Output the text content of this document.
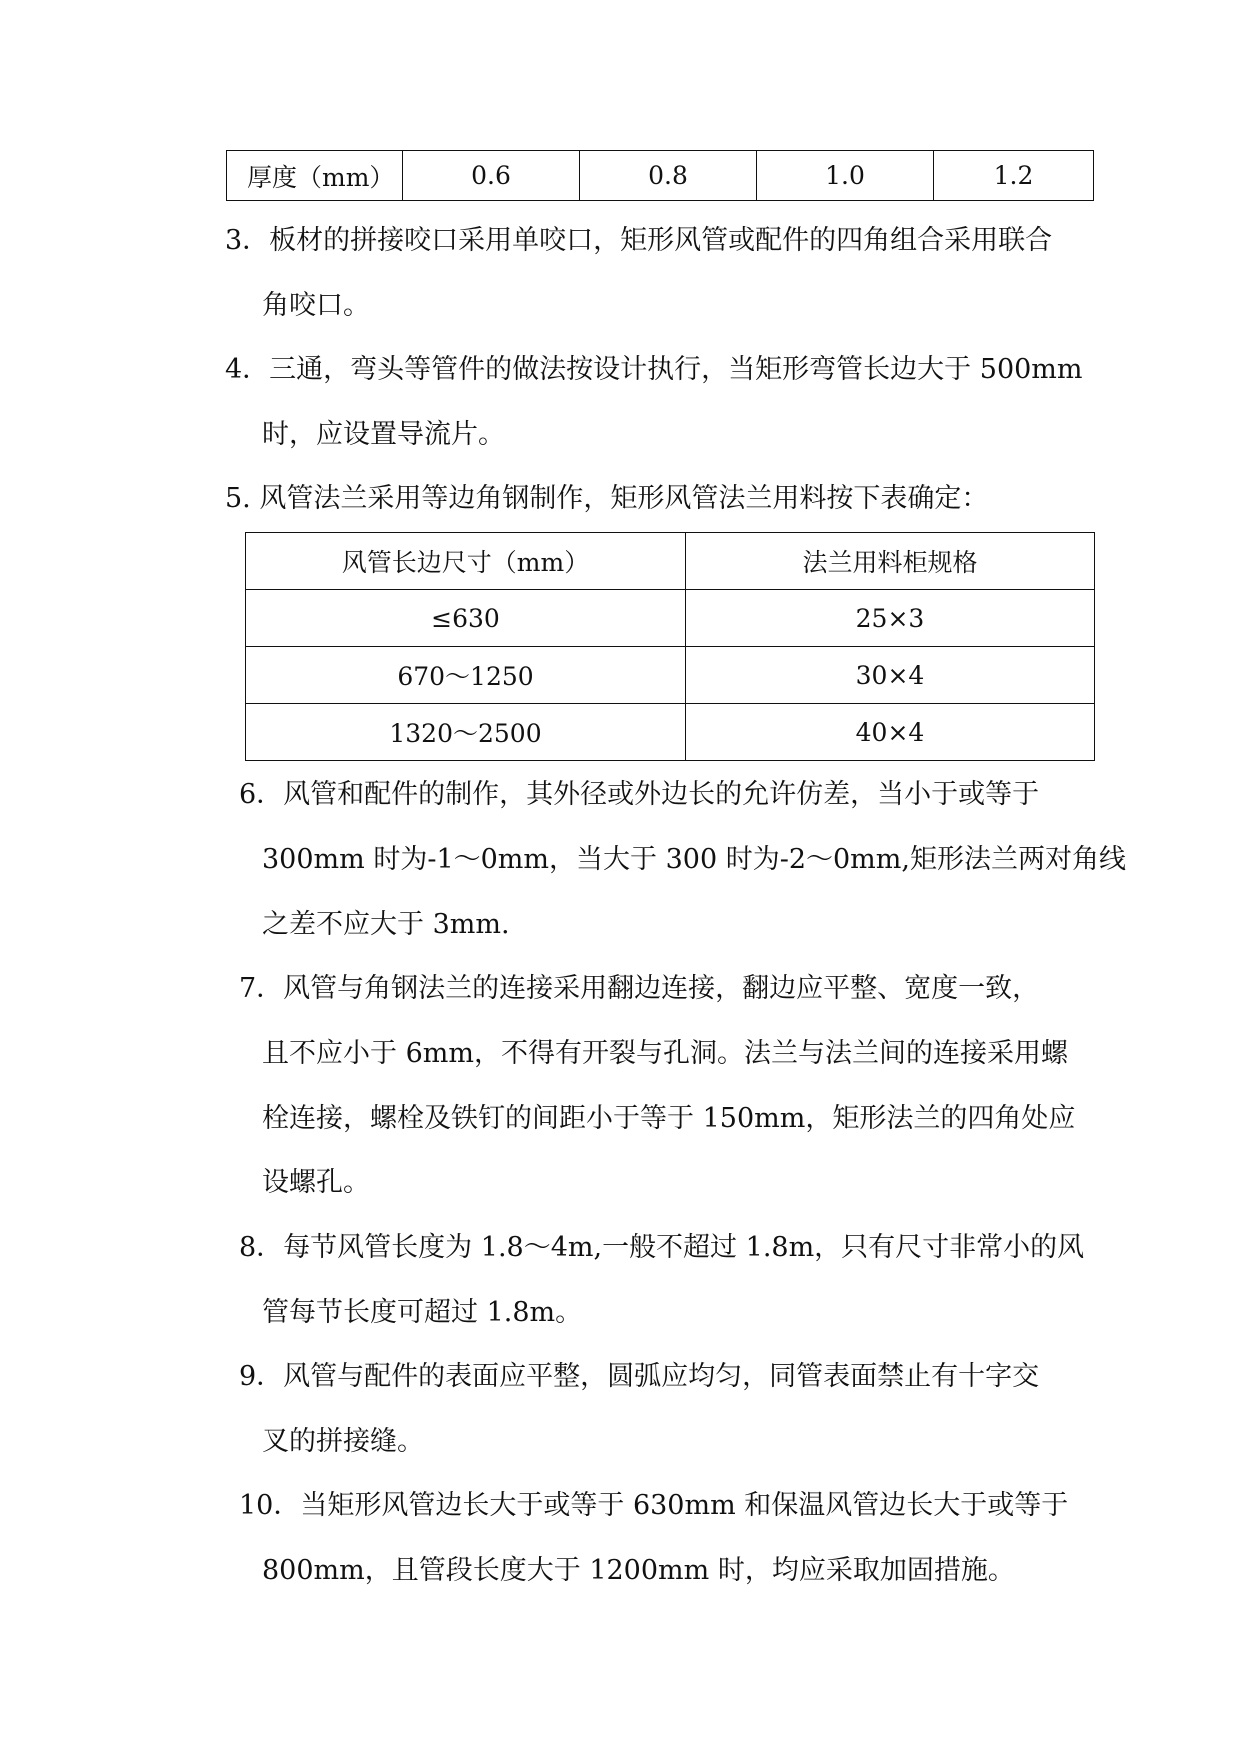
厚度（mm）	0.6	0.8	1.0	1.2
3．板材的拼接咬口采用单咬口，矩形风管或配件的四角组合采用联合
角咬口。
4．三通，弯头等管件的做法按设计执行，当矩形弯管长边大于 500mm
时，应设置导流片。
5. 风管法兰采用等边角钢制作，矩形风管法兰用料按下表确定：
风管长边尺寸（mm）	法兰用料柜规格
≤630	25×3
670～1250	30×4
1320～2500	40×4
6．风管和配件的制作，其外径或外边长的允许仿差，当小于或等于
300mm 时为-1～0mm，当大于 300 时为-2～0mm,矩形法兰两对角线
之差不应大于 3mm.
7．风管与角钢法兰的连接采用翻边连接，翻边应平整、宽度一致，
且不应小于 6mm，不得有开裂与孔洞。法兰与法兰间的连接采用螺
栓连接，螺栓及铁钉的间距小于等于 150mm，矩形法兰的四角处应
设螺孔。
8．每节风管长度为 1.8～4m,一般不超过 1.8m，只有尺寸非常小的风
管每节长度可超过 1.8m。
9．风管与配件的表面应平整，圆弧应均匀，同管表面禁止有十字交
叉的拼接缝。
10．当矩形风管边长大于或等于 630mm 和保温风管边长大于或等于
800mm，且管段长度大于 1200mm 时，均应采取加固措施。
